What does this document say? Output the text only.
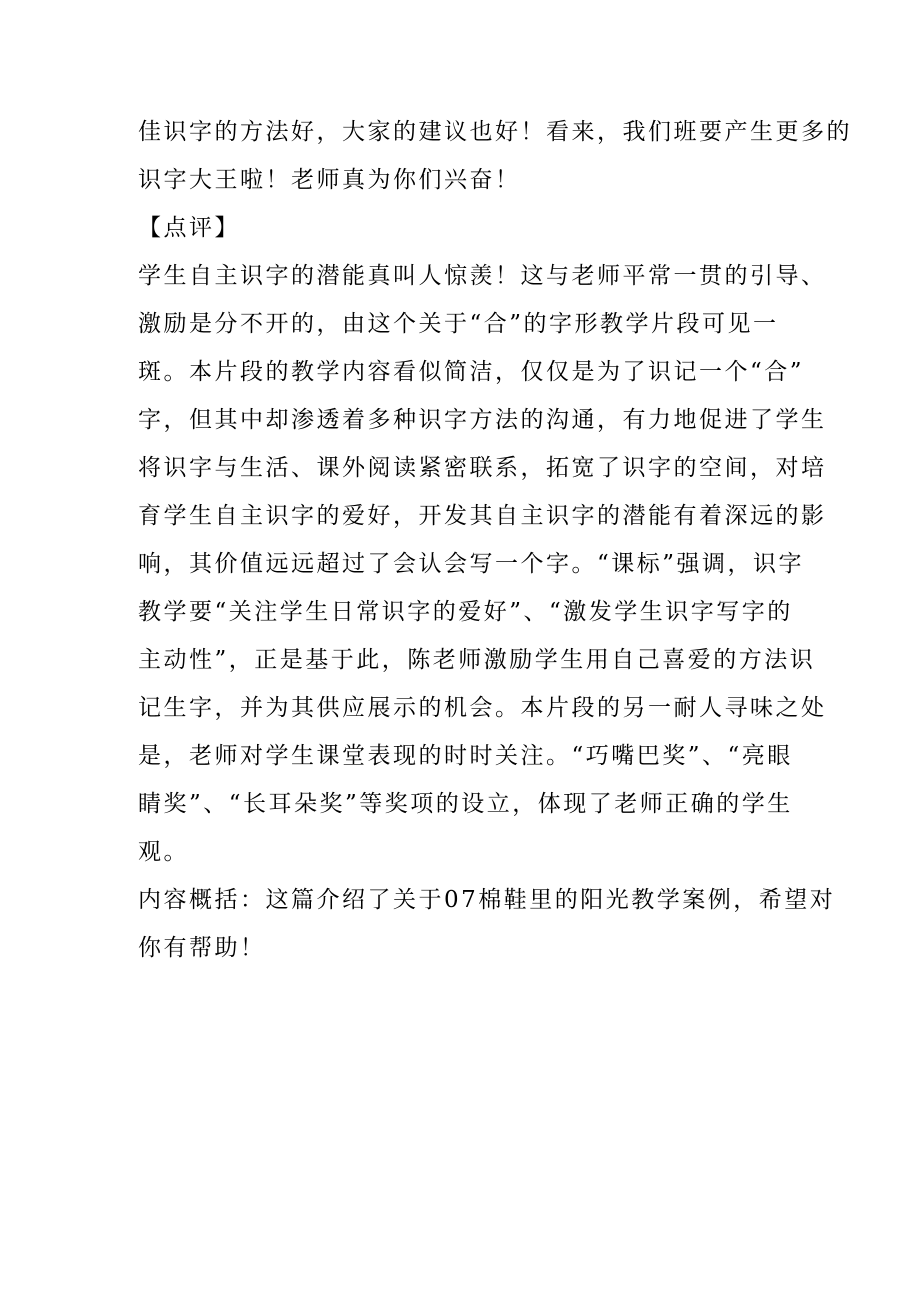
佳识字的方法好，大家的建议也好！看来，我们班要产生更多的
识字大王啦！老师真为你们兴奋！
【点评】
学生自主识字的潜能真叫人惊羡！这与老师平常一贯的引导、
激励是分不开的，由这个关于“合”的字形教学片段可见一
斑。本片段的教学内容看似简洁，仅仅是为了识记一个“合”
字，但其中却渗透着多种识字方法的沟通，有力地促进了学生
将识字与生活、课外阅读紧密联系，拓宽了识字的空间，对培
育学生自主识字的爱好，开发其自主识字的潜能有着深远的影
响，其价值远远超过了会认会写一个字。“课标”强调，识字
教学要“关注学生日常识字的爱好”、“激发学生识字写字的
主动性”，正是基于此，陈老师激励学生用自己喜爱的方法识
记生字，并为其供应展示的机会。本片段的另一耐人寻味之处
是，老师对学生课堂表现的时时关注。“巧嘴巴奖”、“亮眼
睛奖”、“长耳朵奖”等奖项的设立，体现了老师正确的学生
观。
内容概括：这篇介绍了关于07棉鞋里的阳光教学案例，希望对
你有帮助！
